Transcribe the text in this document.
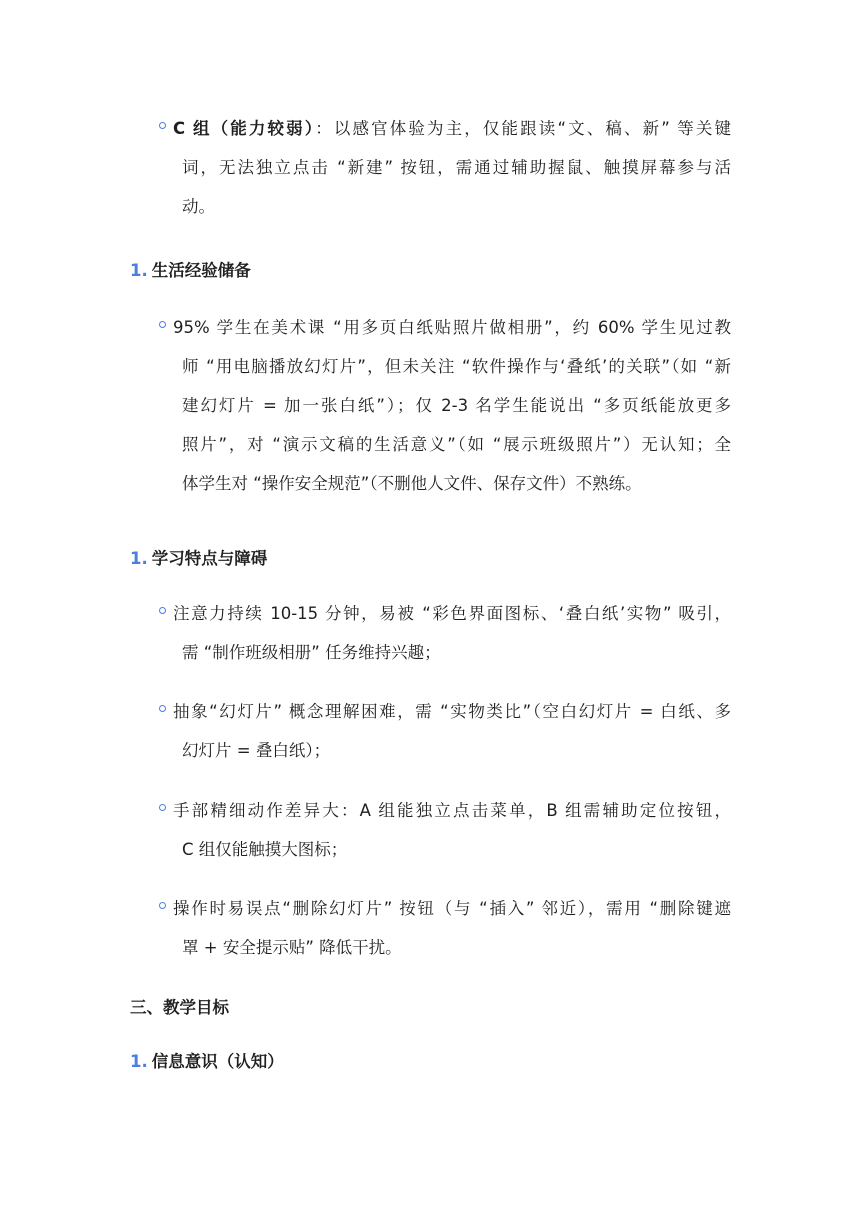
C 组（能力较弱）：以感官体验为主，仅能跟读“文、稿、新” 等关键
词，无法独立点击 “新建” 按钮，需通过辅助握鼠、触摸屏幕参与活
动。
1. 生活经验储备
95% 学生在美术课 “用多页白纸贴照片做相册”，约 60% 学生见过教
师 “用电脑播放幻灯片”，但未关注 “软件操作与‘叠纸’的关联”（如 “新
建幻灯片 = 加一张白纸”）；仅 2-3 名学生能说出 “多页纸能放更多
照片”，对 “演示文稿的生活意义”（如 “展示班级照片”）无认知；全
体学生对 “操作安全规范”（不删他人文件、保存文件）不熟练。
1. 学习特点与障碍
注意力持续 10-15 分钟，易被 “彩色界面图标、‘叠白纸’实物” 吸引，
需 “制作班级相册” 任务维持兴趣；
抽象“幻灯片” 概念理解困难，需 “实物类比”（空白幻灯片 = 白纸、多
幻灯片 = 叠白纸）；
手部精细动作差异大：A 组能独立点击菜单，B 组需辅助定位按钮，
C 组仅能触摸大图标；
操作时易误点“删除幻灯片” 按钮（与 “插入” 邻近），需用 “删除键遮
罩 + 安全提示贴” 降低干扰。
三、教学目标
1. 信息意识（认知）
